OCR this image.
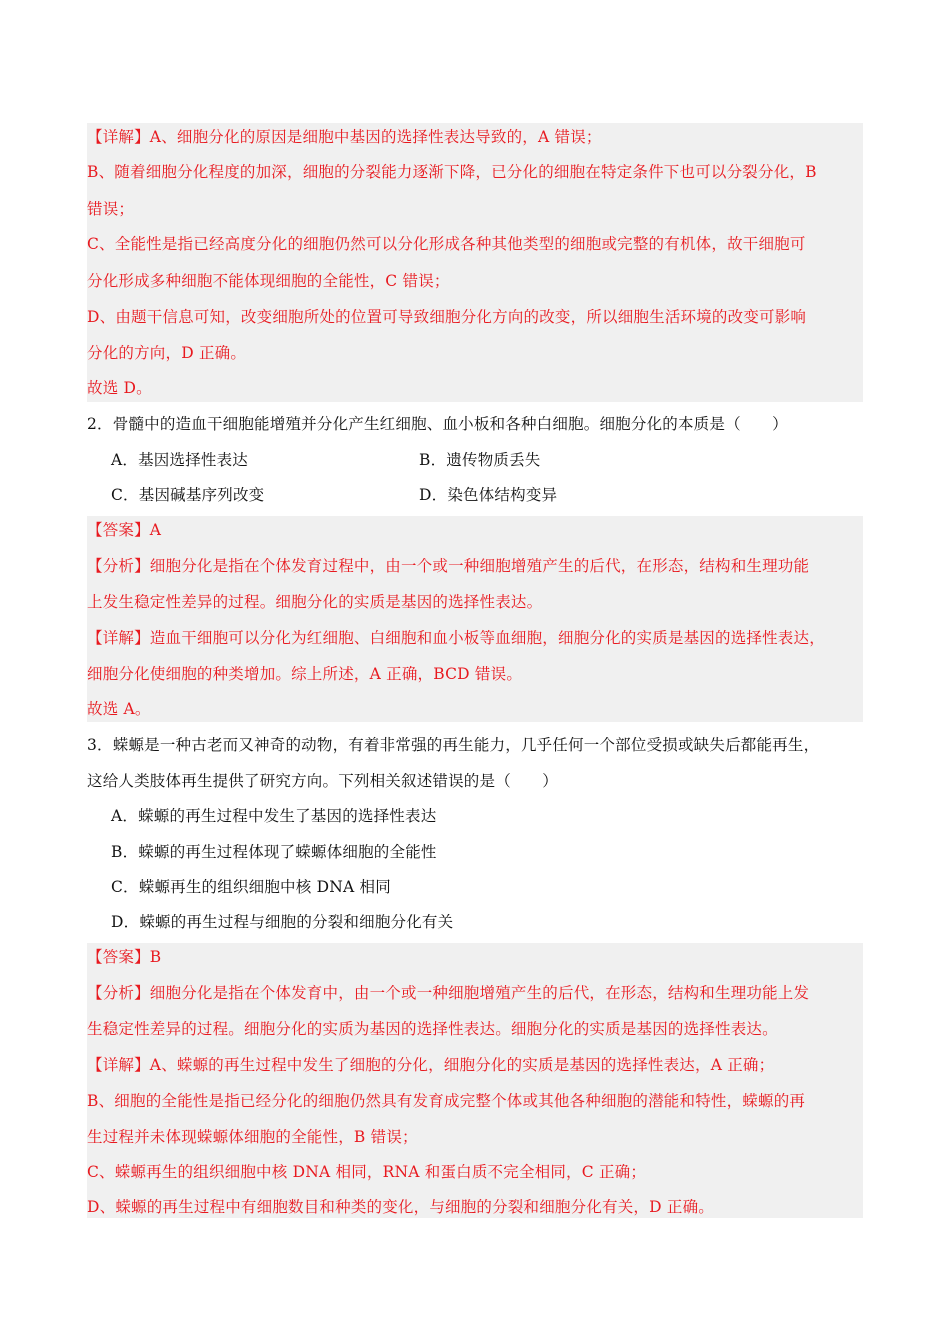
【详解】A、细胞分化的原因是细胞中基因的选择性表达导致的，A 错误；
B、随着细胞分化程度的加深，细胞的分裂能力逐渐下降，已分化的细胞在特定条件下也可以分裂分化，B
错误；
C、全能性是指已经高度分化的细胞仍然可以分化形成各种其他类型的细胞或完整的有机体，故干细胞可
分化形成多种细胞不能体现细胞的全能性，C 错误；
D、由题干信息可知，改变细胞所处的位置可导致细胞分化方向的改变，所以细胞生活环境的改变可影响
分化的方向，D 正确。
故选 D。
2．骨髓中的造血干细胞能增殖并分化产生红细胞、血小板和各种白细胞。细胞分化的本质是（　　）
A．基因选择性表达	B．遗传物质丢失
C．基因碱基序列改变	D．染色体结构变异
【答案】A
【分析】细胞分化是指在个体发育过程中，由一个或一种细胞增殖产生的后代，在形态，结构和生理功能
上发生稳定性差异的过程。细胞分化的实质是基因的选择性表达。
【详解】造血干细胞可以分化为红细胞、白细胞和血小板等血细胞，细胞分化的实质是基因的选择性表达，
细胞分化使细胞的种类增加。综上所述，A 正确，BCD 错误。
故选 A。
3．蝾螈是一种古老而又神奇的动物，有着非常强的再生能力，几乎任何一个部位受损或缺失后都能再生，
这给人类肢体再生提供了研究方向。下列相关叙述错误的是（　　）
A．蝾螈的再生过程中发生了基因的选择性表达
B．蝾螈的再生过程体现了蝾螈体细胞的全能性
C．蝾螈再生的组织细胞中核 DNA 相同
D．蝾螈的再生过程与细胞的分裂和细胞分化有关
【答案】B
【分析】细胞分化是指在个体发育中，由一个或一种细胞增殖产生的后代，在形态，结构和生理功能上发
生稳定性差异的过程。细胞分化的实质为基因的选择性表达。细胞分化的实质是基因的选择性表达。
【详解】A、蝾螈的再生过程中发生了细胞的分化，细胞分化的实质是基因的选择性表达，A 正确；
B、细胞的全能性是指已经分化的细胞仍然具有发育成完整个体或其他各种细胞的潜能和特性，蝾螈的再
生过程并未体现蝾螈体细胞的全能性，B 错误；
C、蝾螈再生的组织细胞中核 DNA 相同，RNA 和蛋白质不完全相同，C 正确；
D、蝾螈的再生过程中有细胞数目和种类的变化，与细胞的分裂和细胞分化有关，D 正确。
